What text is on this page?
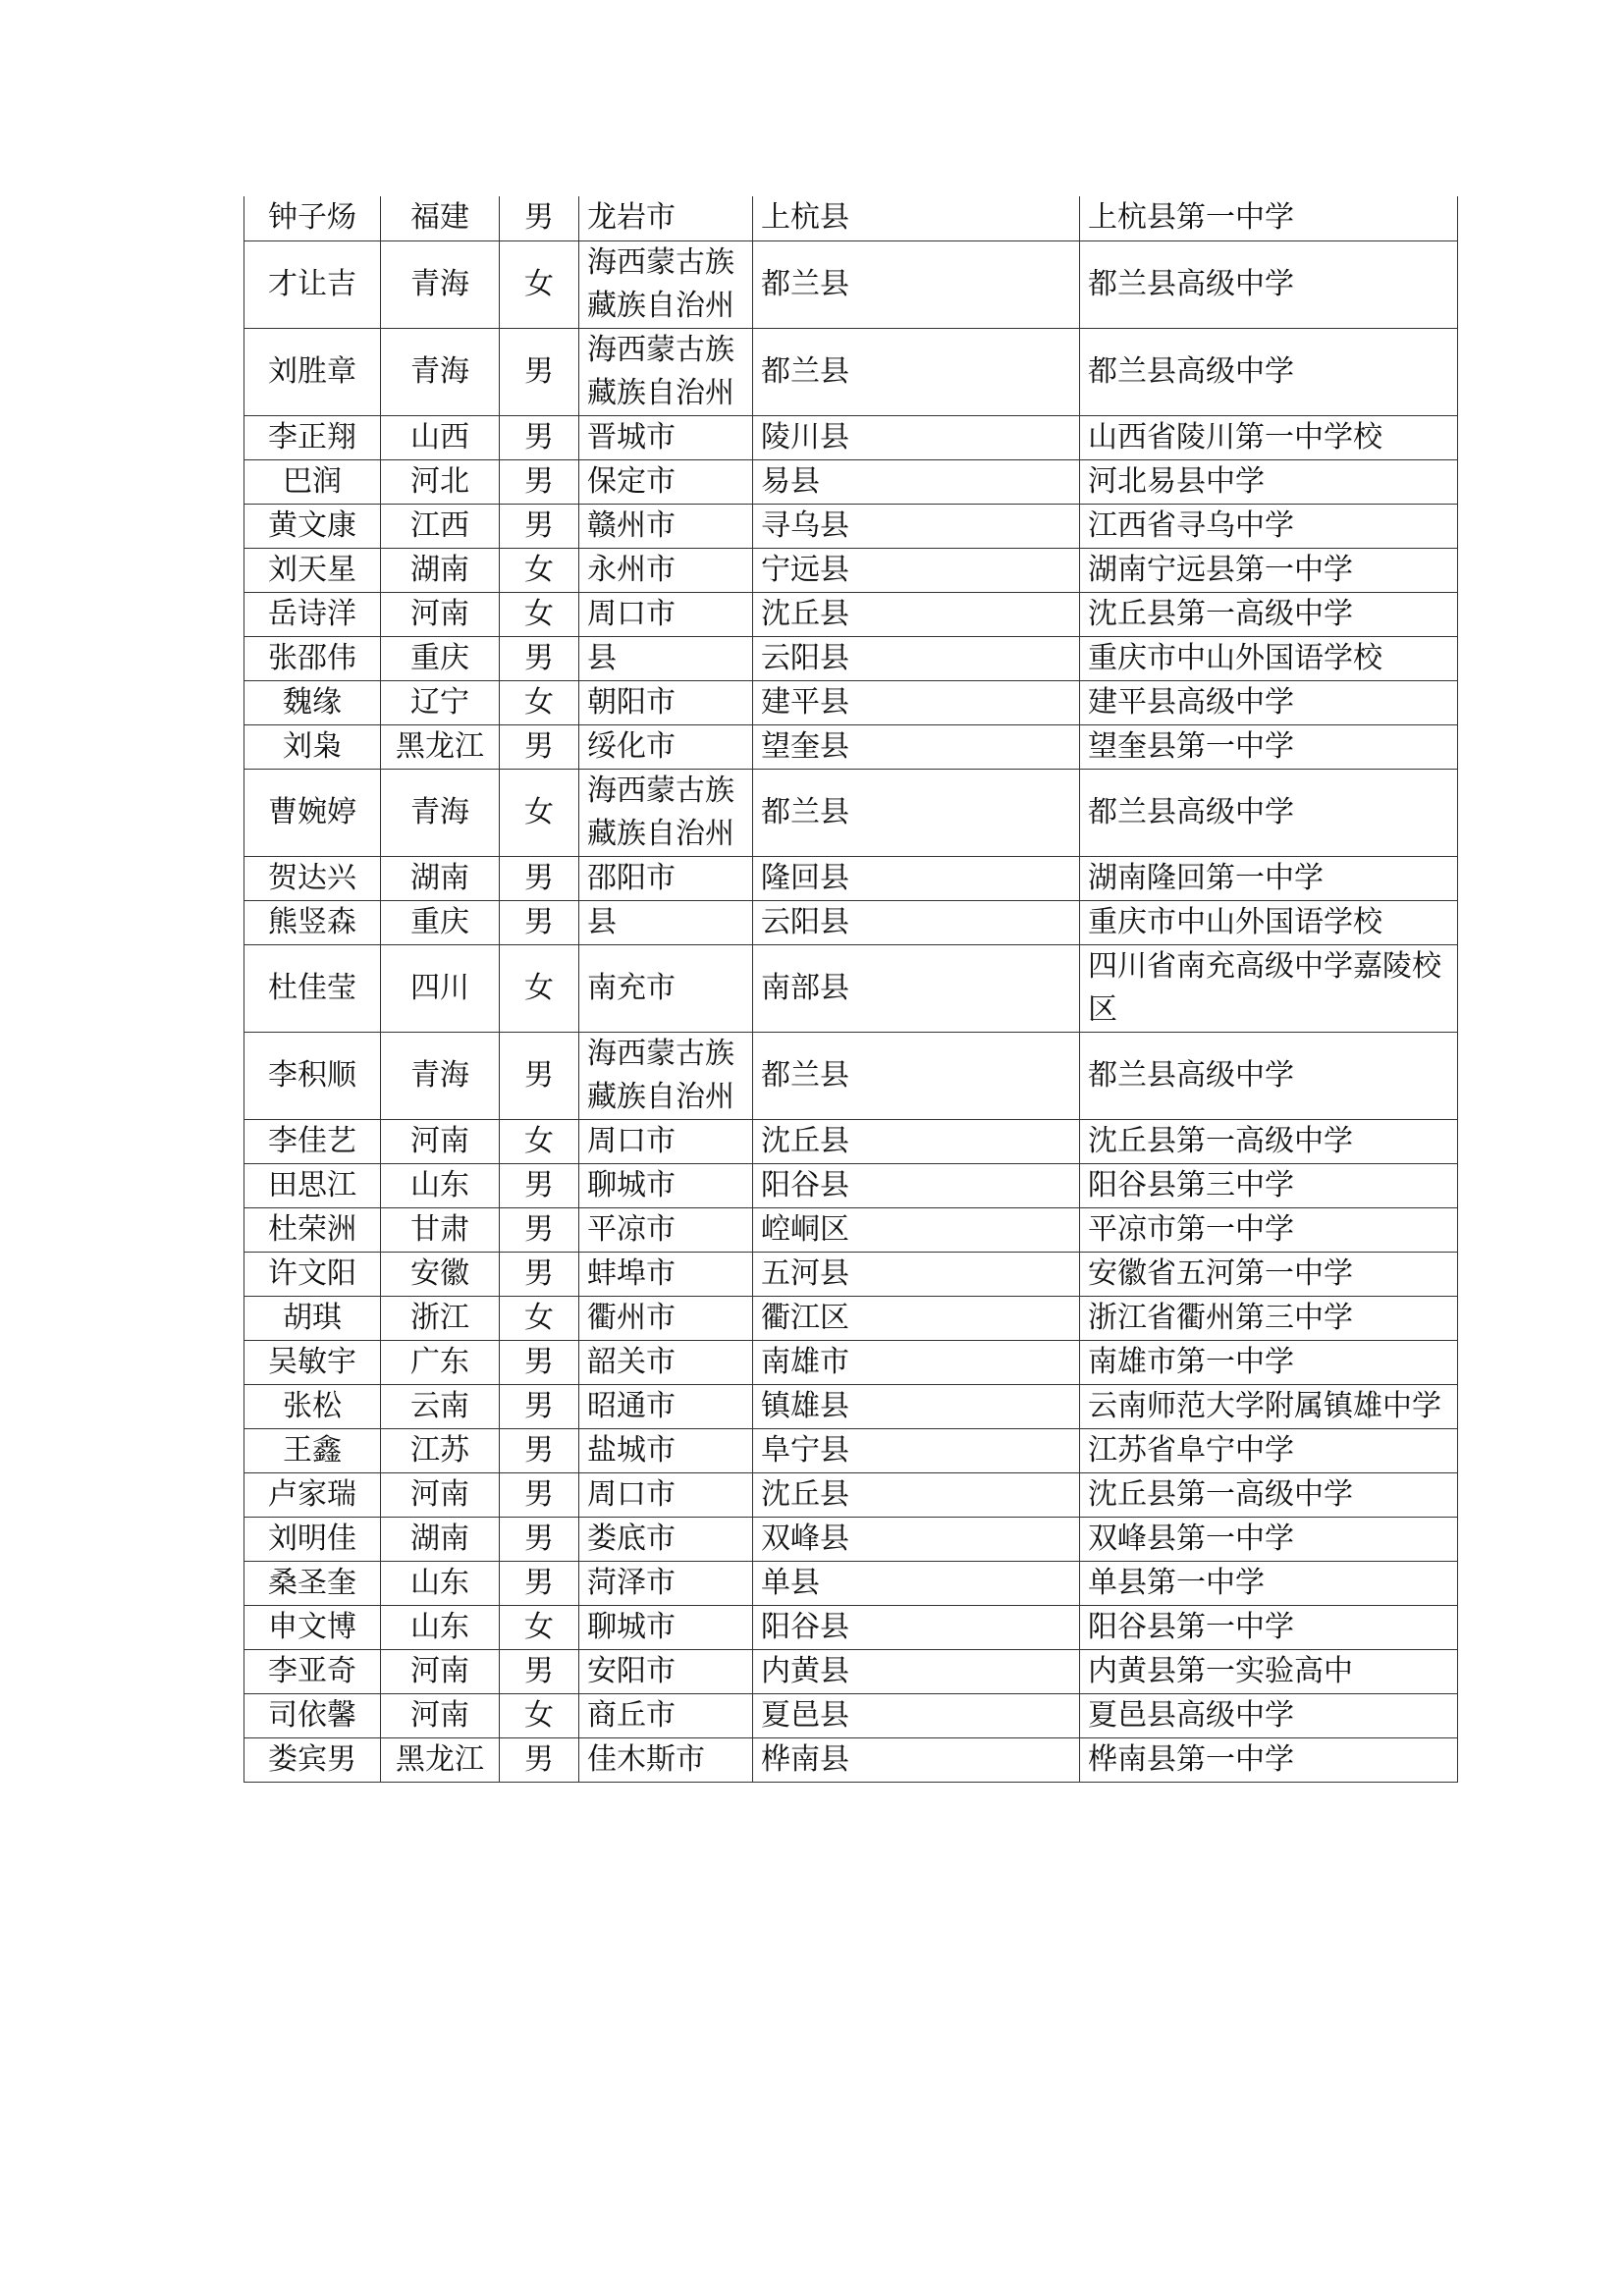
钟子炀	福建	男	龙岩市	上杭县	上杭县第一中学
才让吉	青海	女	海西蒙古族藏族自治州	都兰县	都兰县高级中学
刘胜章	青海	男	海西蒙古族藏族自治州	都兰县	都兰县高级中学
李正翔	山西	男	晋城市	陵川县	山西省陵川第一中学校
巴润	河北	男	保定市	易县	河北易县中学
黄文康	江西	男	赣州市	寻乌县	江西省寻乌中学
刘天星	湖南	女	永州市	宁远县	湖南宁远县第一中学
岳诗洋	河南	女	周口市	沈丘县	沈丘县第一高级中学
张邵伟	重庆	男	县	云阳县	重庆市中山外国语学校
魏缘	辽宁	女	朝阳市	建平县	建平县高级中学
刘枭	黑龙江	男	绥化市	望奎县	望奎县第一中学
曹婉婷	青海	女	海西蒙古族藏族自治州	都兰县	都兰县高级中学
贺达兴	湖南	男	邵阳市	隆回县	湖南隆回第一中学
熊竖森	重庆	男	县	云阳县	重庆市中山外国语学校
杜佳莹	四川	女	南充市	南部县	四川省南充高级中学嘉陵校区
李积顺	青海	男	海西蒙古族藏族自治州	都兰县	都兰县高级中学
李佳艺	河南	女	周口市	沈丘县	沈丘县第一高级中学
田思江	山东	男	聊城市	阳谷县	阳谷县第三中学
杜荣洲	甘肃	男	平凉市	崆峒区	平凉市第一中学
许文阳	安徽	男	蚌埠市	五河县	安徽省五河第一中学
胡琪	浙江	女	衢州市	衢江区	浙江省衢州第三中学
吴敏宇	广东	男	韶关市	南雄市	南雄市第一中学
张松	云南	男	昭通市	镇雄县	云南师范大学附属镇雄中学
王鑫	江苏	男	盐城市	阜宁县	江苏省阜宁中学
卢家瑞	河南	男	周口市	沈丘县	沈丘县第一高级中学
刘明佳	湖南	男	娄底市	双峰县	双峰县第一中学
桑圣奎	山东	男	菏泽市	单县	单县第一中学
申文博	山东	女	聊城市	阳谷县	阳谷县第一中学
李亚奇	河南	男	安阳市	内黄县	内黄县第一实验高中
司依馨	河南	女	商丘市	夏邑县	夏邑县高级中学
娄宾男	黑龙江	男	佳木斯市	桦南县	桦南县第一中学
